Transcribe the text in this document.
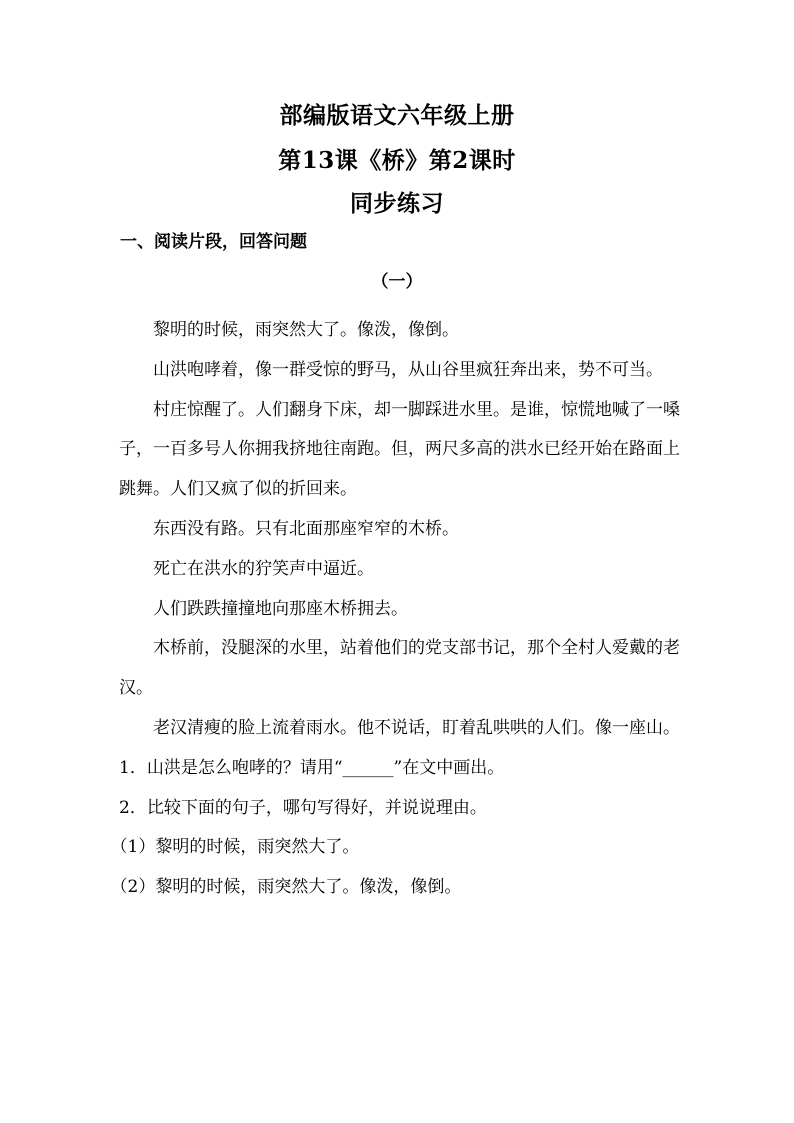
部编版语文六年级上册
第13课《桥》第2课时
同步练习

一、阅读片段，回答问题

（一）

黎明的时候，雨突然大了。像泼，像倒。

山洪咆哮着，像一群受惊的野马，从山谷里疯狂奔出来，势不可当。

村庄惊醒了。人们翻身下床，却一脚踩进水里。是谁，惊慌地喊了一嗓子，一百多号人你拥我挤地往南跑。但，两尺多高的洪水已经开始在路面上跳舞。人们又疯了似的折回来。

东西没有路。只有北面那座窄窄的木桥。

死亡在洪水的狞笑声中逼近。

人们跌跌撞撞地向那座木桥拥去。

木桥前，没腿深的水里，站着他们的党支部书记，那个全村人爱戴的老汉。

老汉清瘦的脸上流着雨水。他不说话，盯着乱哄哄的人们。像一座山。

1．山洪是怎么咆哮的？请用“______”在文中画出。

2．比较下面的句子，哪句写得好，并说说理由。

（1）黎明的时候，雨突然大了。

（2）黎明的时候，雨突然大了。像泼，像倒。
